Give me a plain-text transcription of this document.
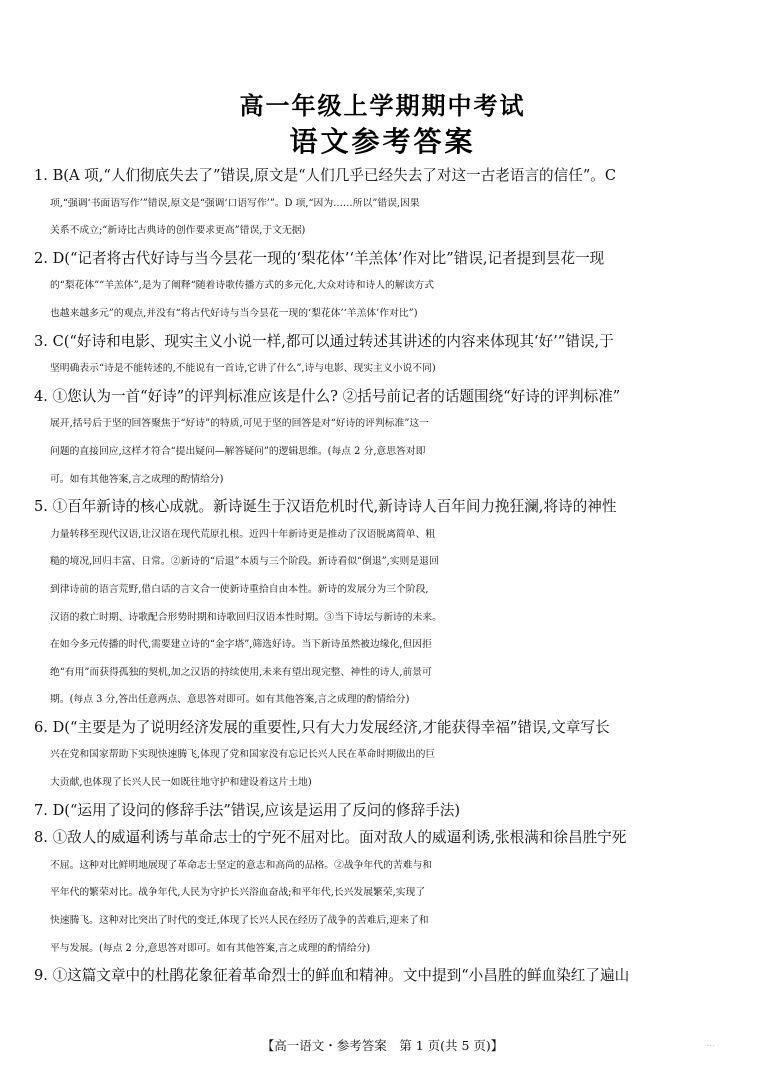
高一年级上学期期中考试
语文参考答案
1. B(A 项,“人们彻底失去了”错误,原文是“人们几乎已经失去了对这一古老语言的信任”。C
项,“强调‘书面语写作’”错误,原文是“强调‘口语写作’”。D 项,“因为……所以”错误,因果
关系不成立;“新诗比古典诗的创作要求更高”错误,于文无据)
2. D(“记者将古代好诗与当今昙花一现的‘梨花体’‘羊羔体’作对比”错误,记者提到昙花一现
的“梨花体”“羊羔体”,是为了阐释“随着诗歌传播方式的多元化,大众对诗和诗人的解读方式
也越来越多元”的观点,并没有“将古代好诗与当今昙花一现的‘梨花体’‘羊羔体’作对比”)
3. C(“好诗和电影、现实主义小说一样,都可以通过转述其讲述的内容来体现其‘好’”错误,于
坚明确表示“诗是不能转述的,不能说有一首诗,它讲了什么”,诗与电影、现实主义小说不同)
4. ①您认为一首“好诗”的评判标准应该是什么? ②括号前记者的话题围绕“好诗的评判标准”
展开,括号后于坚的回答聚焦于“好诗”的特质,可见于坚的回答是对“好诗的评判标准”这一
问题的直接回应,这样才符合“提出疑问—解答疑问”的逻辑思维。(每点 2 分,意思答对即
可。如有其他答案,言之成理的酌情给分)
5. ①百年新诗的核心成就。新诗诞生于汉语危机时代,新诗诗人百年间力挽狂澜,将诗的神性
力量转移至现代汉语,让汉语在现代荒原扎根。近四十年新诗更是推动了汉语脱离简单、粗
糙的境况,回归丰富、日常。②新诗的“后退”本质与三个阶段。新诗看似“倒退”,实则是退回
到律诗前的语言荒野,借白话的言文合一使新诗重拾自由本性。新诗的发展分为三个阶段,
汉语的救亡时期、诗歌配合形势时期和诗歌回归汉语本性时期。③当下诗坛与新诗的未来。
在如今多元传播的时代,需要建立诗的“金字塔”,筛选好诗。当下新诗虽然被边缘化,但因拒
绝“有用”而获得孤独的契机,加之汉语的持续使用,未来有望出现完整、神性的诗人,前景可
期。(每点 3 分,答出任意两点、意思答对即可。如有其他答案,言之成理的酌情给分)
6. D(“主要是为了说明经济发展的重要性,只有大力发展经济,才能获得幸福”错误,文章写长
兴在党和国家帮助下实现快速腾飞,体现了党和国家没有忘记长兴人民在革命时期做出的巨
大贡献,也体现了长兴人民一如既往地守护和建设着这片土地)
7. D(“运用了设问的修辞手法”错误,应该是运用了反问的修辞手法)
8. ①敌人的威逼利诱与革命志士的宁死不屈对比。面对敌人的威逼利诱,张根满和徐昌胜宁死
不屈。这种对比鲜明地展现了革命志士坚定的意志和高尚的品格。②战争年代的苦难与和
平年代的繁荣对比。战争年代,人民为守护长兴浴血奋战;和平年代,长兴发展繁荣,实现了
快速腾飞。这种对比突出了时代的变迁,体现了长兴人民在经历了战争的苦难后,迎来了和
平与发展。(每点 2 分,意思答对即可。如有其他答案,言之成理的酌情给分)
9. ①这篇文章中的杜鹃花象征着革命烈士的鲜血和精神。文中提到“小昌胜的鲜血染红了遍山
【高一语文・参考答案　第 1 页(共 5 页)】	...
